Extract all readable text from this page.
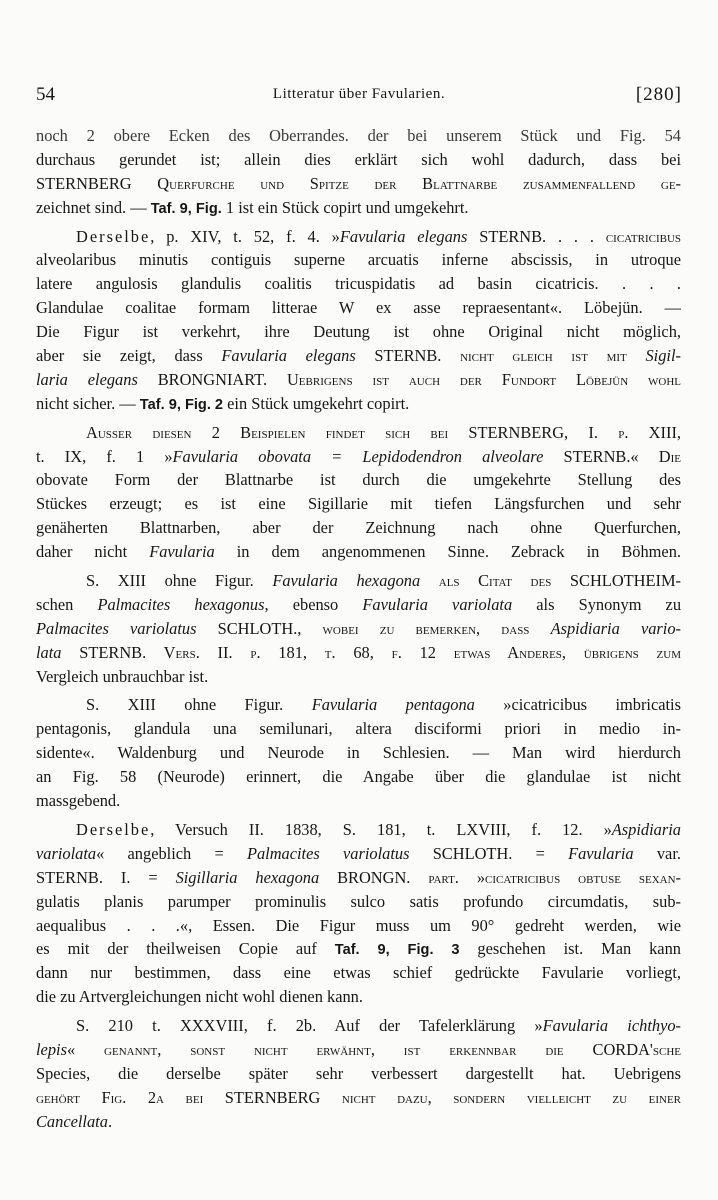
54	Litteratur über Favularien.	[280]
noch 2 obere Ecken des Oberrandes. der bei unserem Stück und Fig. 54
durchaus gerundet ist; allein dies erklärt sich wohl dadurch, dass bei
STERNBERG Querfurche und Spitze der Blattnarbe zusammenfallend ge-
zeichnet sind. — Taf. 9, Fig. 1 ist ein Stück copirt und umgekehrt.
Derselbe, p. XIV, t. 52, f. 4. »Favularia elegans STERNB. . . . cicatricibus
alveolaribus minutis contiguis superne arcuatis inferne abscissis, in utroque
latere angulosis glandulis coalitis tricuspidatis ad basin cicatricis. . . .
Glandulae coalitae formam litterae W ex asse repraesentant«. Löbejün. —
Die Figur ist verkehrt, ihre Deutung ist ohne Original nicht möglich,
aber sie zeigt, dass Favularia elegans STERNB. nicht gleich ist mit Sigil-
laria elegans BRONGNIART. Uebrigens ist auch der Fundort Löbejün wohl
nicht sicher. — Taf. 9, Fig. 2 ein Stück umgekehrt copirt.
Ausser diesen 2 Beispielen findet sich bei STERNBERG, I. p. XIII,
t. IX, f. 1 »Favularia obovata = Lepidodendron alveolare STERNB.« Die
obovate Form der Blattnarbe ist durch die umgekehrte Stellung des
Stückes erzeugt; es ist eine Sigillarie mit tiefen Längsfurchen und sehr
genäherten Blattnarben, aber der Zeichnung nach ohne Querfurchen,
daher nicht Favularia in dem angenommenen Sinne. Zebrack in Böhmen.
S. XIII ohne Figur. Favularia hexagona als Citat des SCHLOTHEIM-
schen Palmacites hexagonus, ebenso Favularia variolata als Synonym zu
Palmacites variolatus SCHLOTH., wobei zu bemerken, dass Aspidiaria vario-
lata STERNB. Vers. II. p. 181, t. 68, f. 12 etwas Anderes, übrigens zum
Vergleich unbrauchbar ist.
S. XIII ohne Figur. Favularia pentagona »cicatricibus imbricatis
pentagonis, glandula una semilunari, altera disciformi priori in medio in-
sidente«. Waldenburg und Neurode in Schlesien. — Man wird hierdurch
an Fig. 58 (Neurode) erinnert, die Angabe über die glandulae ist nicht
massgebend.
Derselbe, Versuch II. 1838, S. 181, t. LXVIII, f. 12. »Aspidiaria
variolata« angeblich = Palmacites variolatus SCHLOTH. = Favularia var.
STERNB. I. = Sigillaria hexagona BRONGN. part. »cicatricibus obtuse sexan-
gulatis planis parumper prominulis sulco satis profundo circumdatis, sub-
aequalibus . . .«, Essen. Die Figur muss um 90° gedreht werden, wie
es mit der theilweisen Copie auf Taf. 9, Fig. 3 geschehen ist. Man kann
dann nur bestimmen, dass eine etwas schief gedrückte Favularie vorliegt,
die zu Artvergleichungen nicht wohl dienen kann.
S. 210 t. XXXVIII, f. 2b. Auf der Tafelerklärung »Favularia ichthyo-
lepis« genannt, sonst nicht erwähnt, ist erkennbar die CORDA'sche
Species, die derselbe später sehr verbessert dargestellt hat. Uebrigens
gehört Fig. 2a bei STERNBERG nicht dazu, sondern vielleicht zu einer
Cancellata.
